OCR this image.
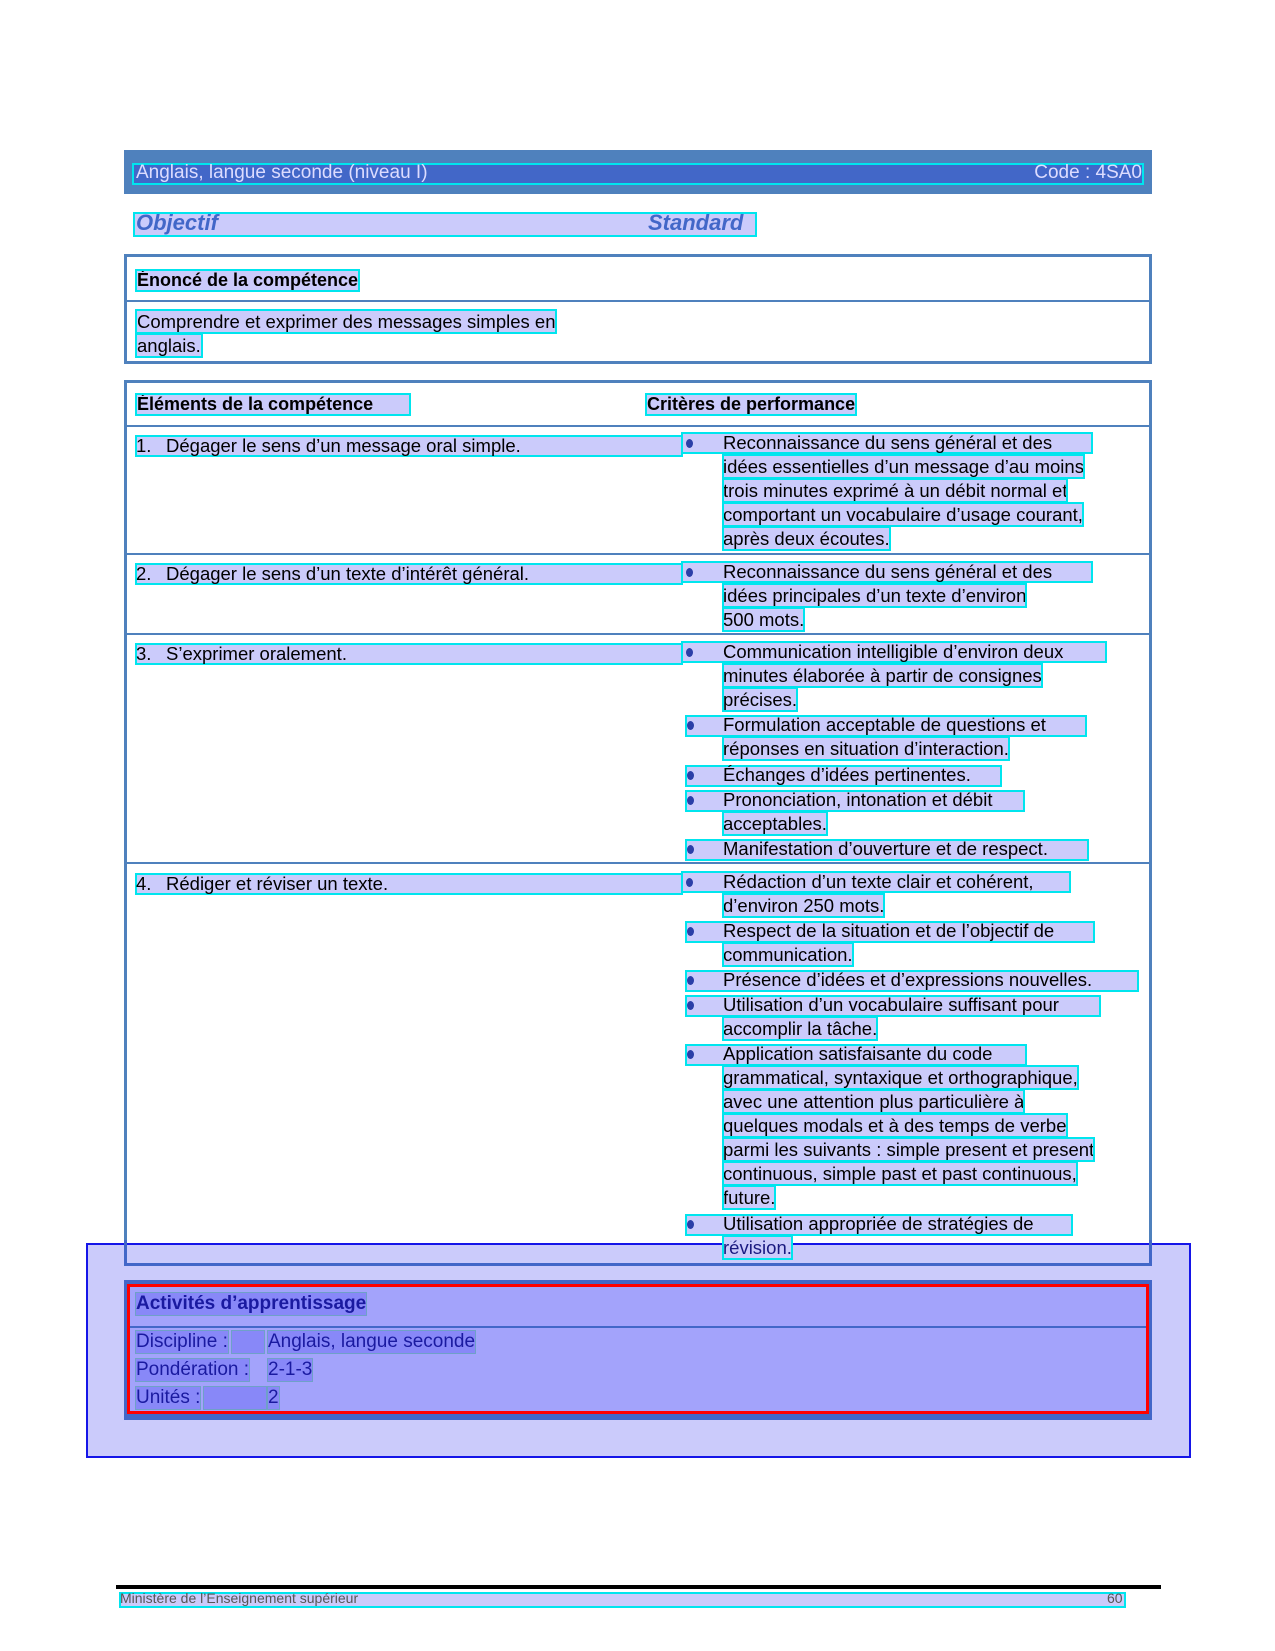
Anglais, langue seconde (niveau I)	Code : 4SA0
Objectif	Standard
Énoncé de la compétence
Comprendre et exprimer des messages simples en
anglais.
Éléments de la compétence	Critères de performance
1. Dégager le sens d’un message oral simple.	Reconnaissance du sens général et des
idées essentielles d’un message d’au moins
trois minutes exprimé à un débit normal et
comportant un vocabulaire d’usage courant,
après deux écoutes.
2. Dégager le sens d’un texte d’intérêt général.	Reconnaissance du sens général et des
idées principales d’un texte d’environ
500 mots.
3. S’exprimer oralement.	Communication intelligible d’environ deux
minutes élaborée à partir de consignes
précises.
Formulation acceptable de questions et
réponses en situation d’interaction.
Échanges d’idées pertinentes.
Prononciation, intonation et débit
acceptables.
Manifestation d’ouverture et de respect.
4. Rédiger et réviser un texte.	Rédaction d’un texte clair et cohérent,
d’environ 250 mots.
Respect de la situation et de l’objectif de
communication.
Présence d’idées et d’expressions nouvelles.
Utilisation d’un vocabulaire suffisant pour
accomplir la tâche.
Application satisfaisante du code
grammatical, syntaxique et orthographique,
avec une attention plus particulière à
quelques modals et à des temps de verbe
parmi les suivants : simple present et present
continuous, simple past et past continuous,
future.
Utilisation appropriée de stratégies de
révision.
Activités d’apprentissage
Discipline : Anglais, langue seconde
Pondération : 2-1-3
Unités :	2
Ministère de l’Enseignement supérieur	60
